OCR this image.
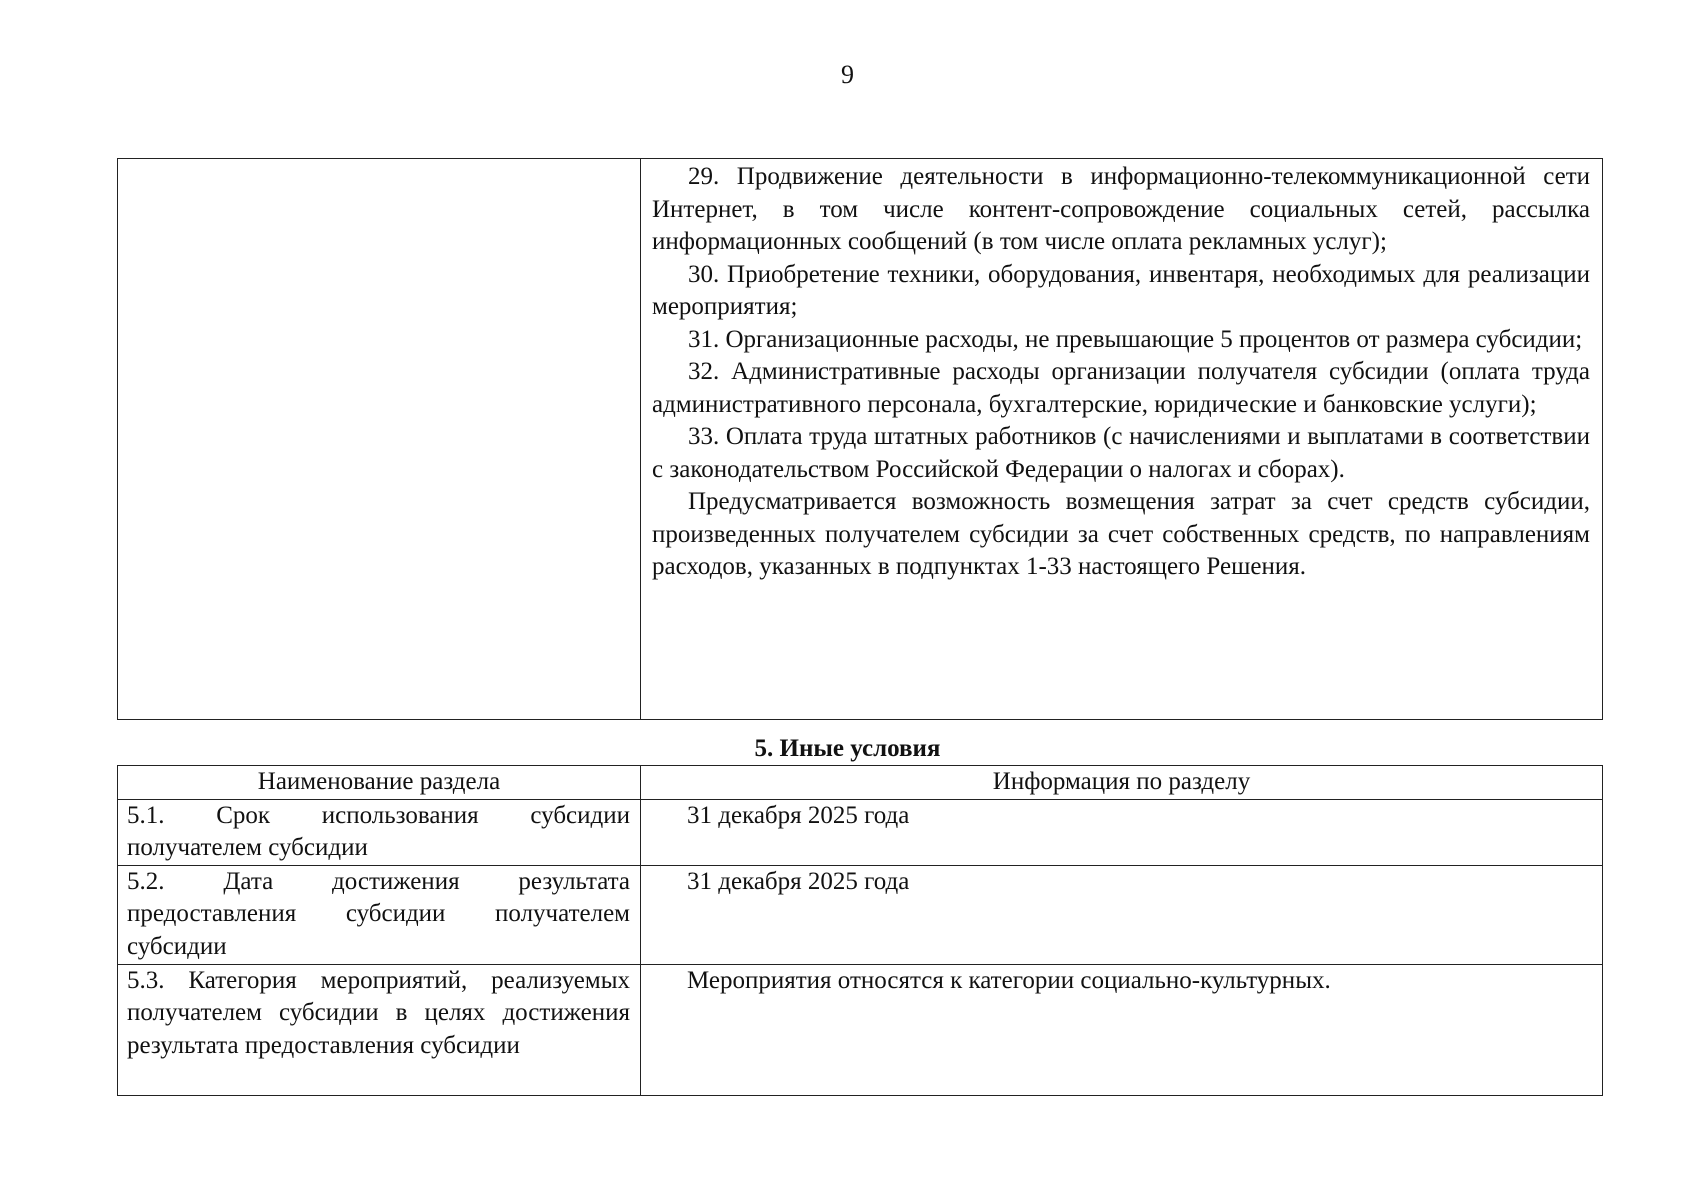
9

29. Продвижение деятельности в информационно-телекоммуникационной сети Интернет, в том числе контент-сопровождение социальных сетей, рассылка информационных сообщений (в том числе оплата рекламных услуг);

30. Приобретение техники, оборудования, инвентаря, необходимых для реализации мероприятия;

31. Организационные расходы, не превышающие 5 процентов от размера субсидии;

32. Административные расходы организации получателя субсидии (оплата труда административного персонала, бухгалтерские, юридические и банковские услуги);

33. Оплата труда штатных работников (с начислениями и выплатами в соответствии с законодательством Российской Федерации о налогах и сборах).

Предусматривается возможность возмещения затрат за счет средств субсидии, произведенных получателем субсидии за счет собственных средств, по направлениям расходов, указанных в подпунктах 1-33 настоящего Решения.

5. Иные условия
Наименование раздела	Информация по разделу
5.1. Срок использования субсидии получателем субсидии	31 декабря 2025 года
5.2. Дата достижения результата предоставления субсидии получателем субсидии	31 декабря 2025 года
5.3. Категория мероприятий, реализуемых получателем субсидии в целях достижения результата предоставления субсидии	Мероприятия относятся к категории социально-культурных.
